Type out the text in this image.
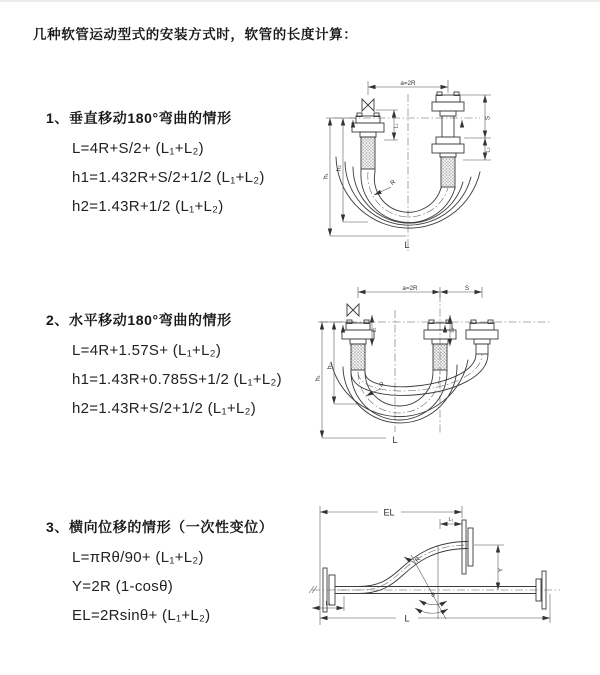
几种软管运动型式的安装方式时，软管的长度计算：
1、垂直移动180°弯曲的情形
L=4R+S/2+ (L₁+L₂)
h1=1.432R+S/2+1/2 (L₁+L₂)
h2=1.43R+1/2 (L₁+L₂)
2、水平移动180°弯曲的情形
L=4R+1.57S+ (L₁+L₂)
h1=1.43R+0.785S+1/2 (L₁+L₂)
h2=1.43R+S/2+1/2 (L₁+L₂)
3、横向位移的情形（一次性变位）
L=πRθ/90+ (L₁+L₂)
Y=2R (1-cosθ)
EL=2Rsinθ+ (L₁+L₂)
a=2R
h₁
h₂
S
L₂
L₁
R
L
a=2R	S
h₁
h₂
L₁	L₂
R
L
EL
L₁
Y
θ
R
L
L₁
